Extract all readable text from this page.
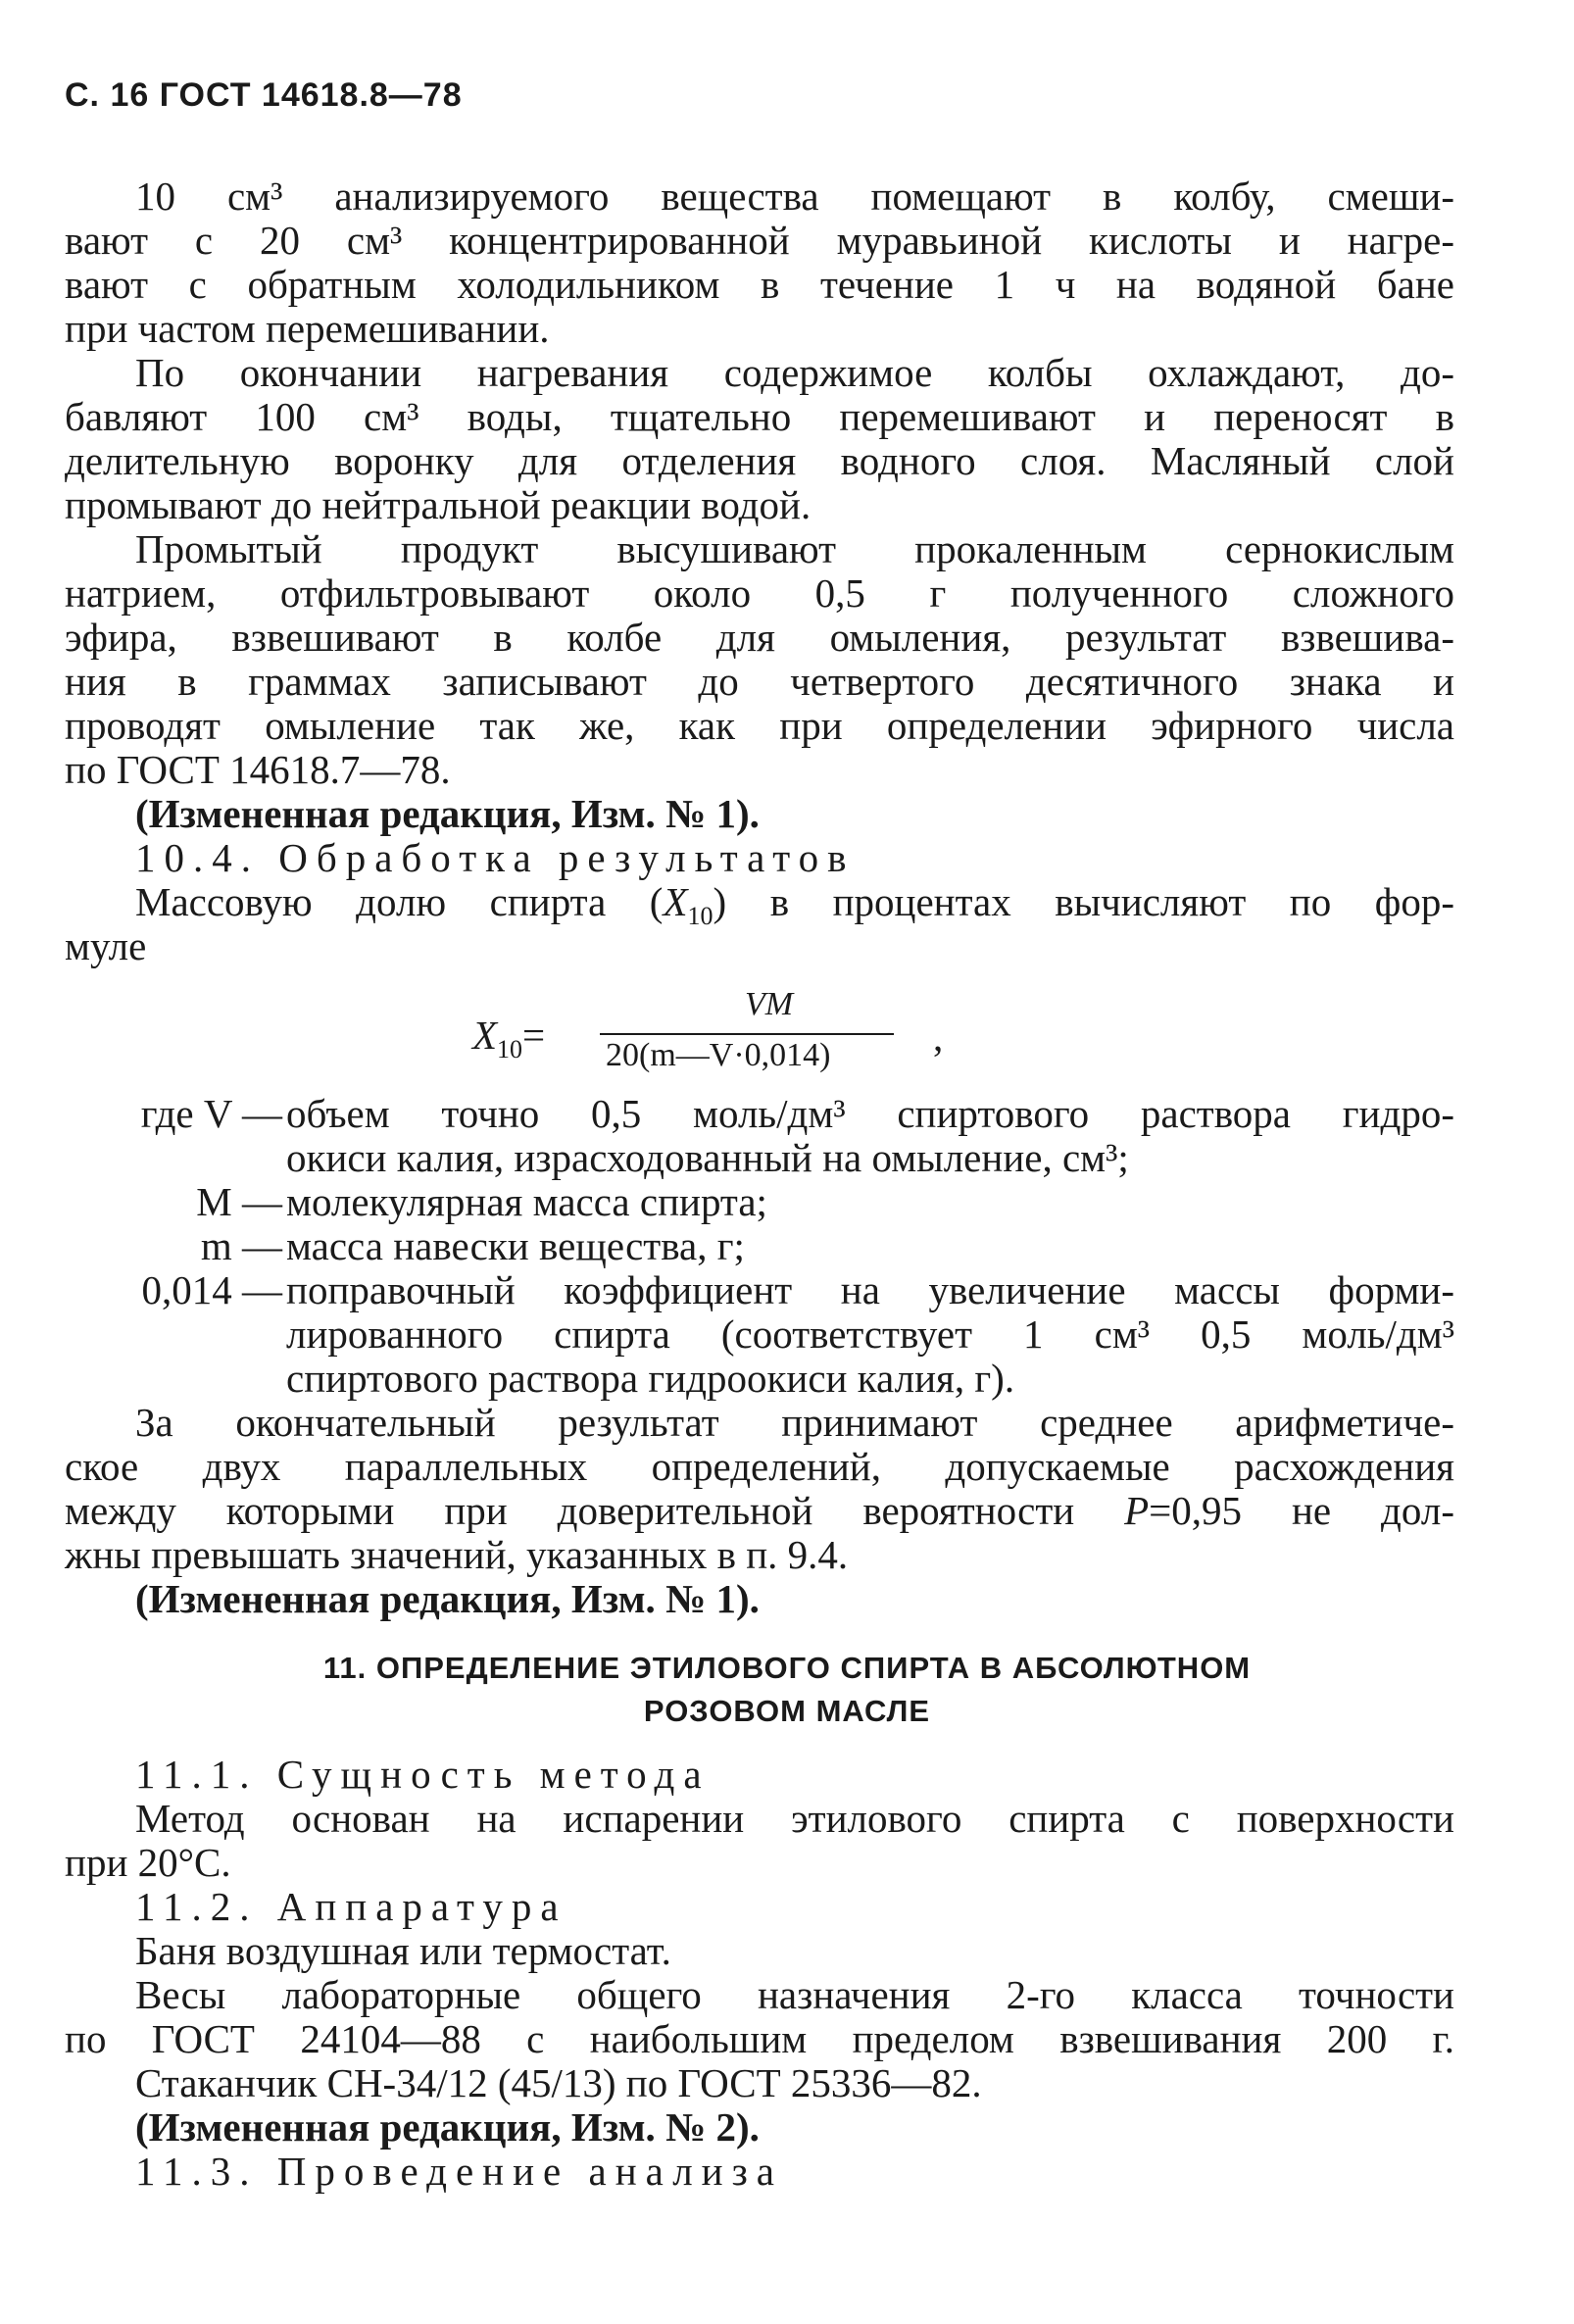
С. 16 ГОСТ 14618.8—78
10 см³ анализируемого вещества помещают в колбу, смеши-
вают с 20 см³ концентрированной муравьиной кислоты и нагре-
вают с обратным холодильником в течение 1 ч на водяной бане
при частом перемешивании.
По окончании нагревания содержимое колбы охлаждают, до-
бавляют 100 см³ воды, тщательно перемешивают и переносят в
делительную воронку для отделения водного слоя. Масляный слой
промывают до нейтральной реакции водой.
Промытый продукт высушивают прокаленным сернокислым
натрием, отфильтровывают около 0,5 г полученного сложного
эфира, взвешивают в колбе для омыления, результат взвешива-
ния в граммах записывают до четвертого десятичного знака и
проводят омыление так же, как при определении эфирного числа
по ГОСТ 14618.7—78.
(Измененная редакция, Изм. № 1).
10.4. Обработка результатов
Массовую долю спирта $(X_{10})$ в процентах вычисляют по фор-
муле
$X_{10}=$
VM
20(m—V·0,014)	,
где V — объем точно 0,5 моль/дм³ спиртового раствора гидро-
окиси калия, израсходованный на омыление, см³;
M — молекулярная масса спирта;
m — масса навески вещества, г;
0,014 — поправочный коэффициент на увеличение массы форми-
лированного спирта (соответствует 1 см³ 0,5 моль/дм³
спиртового раствора гидроокиси калия, г).
За окончательный результат принимают среднее арифметиче-
ское двух параллельных определений, допускаемые расхождения
между которыми при доверительной вероятности P=0,95 не дол-
жны превышать значений, указанных в п. 9.4.
(Измененная редакция, Изм. № 1).
11. ОПРЕДЕЛЕНИЕ ЭТИЛОВОГО СПИРТА В АБСОЛЮТНОМ
РОЗОВОМ МАСЛЕ
11.1. Сущность метода
Метод основан на испарении этилового спирта с поверхности
при 20°C.
11.2. Аппаратура
Баня воздушная или термостат.
Весы лабораторные общего назначения 2-го класса точности
по ГОСТ 24104—88 с наибольшим пределом взвешивания 200 г.
Стаканчик СН-34/12 (45/13) по ГОСТ 25336—82.
(Измененная редакция, Изм. № 2).
11.3. Проведение анализа
